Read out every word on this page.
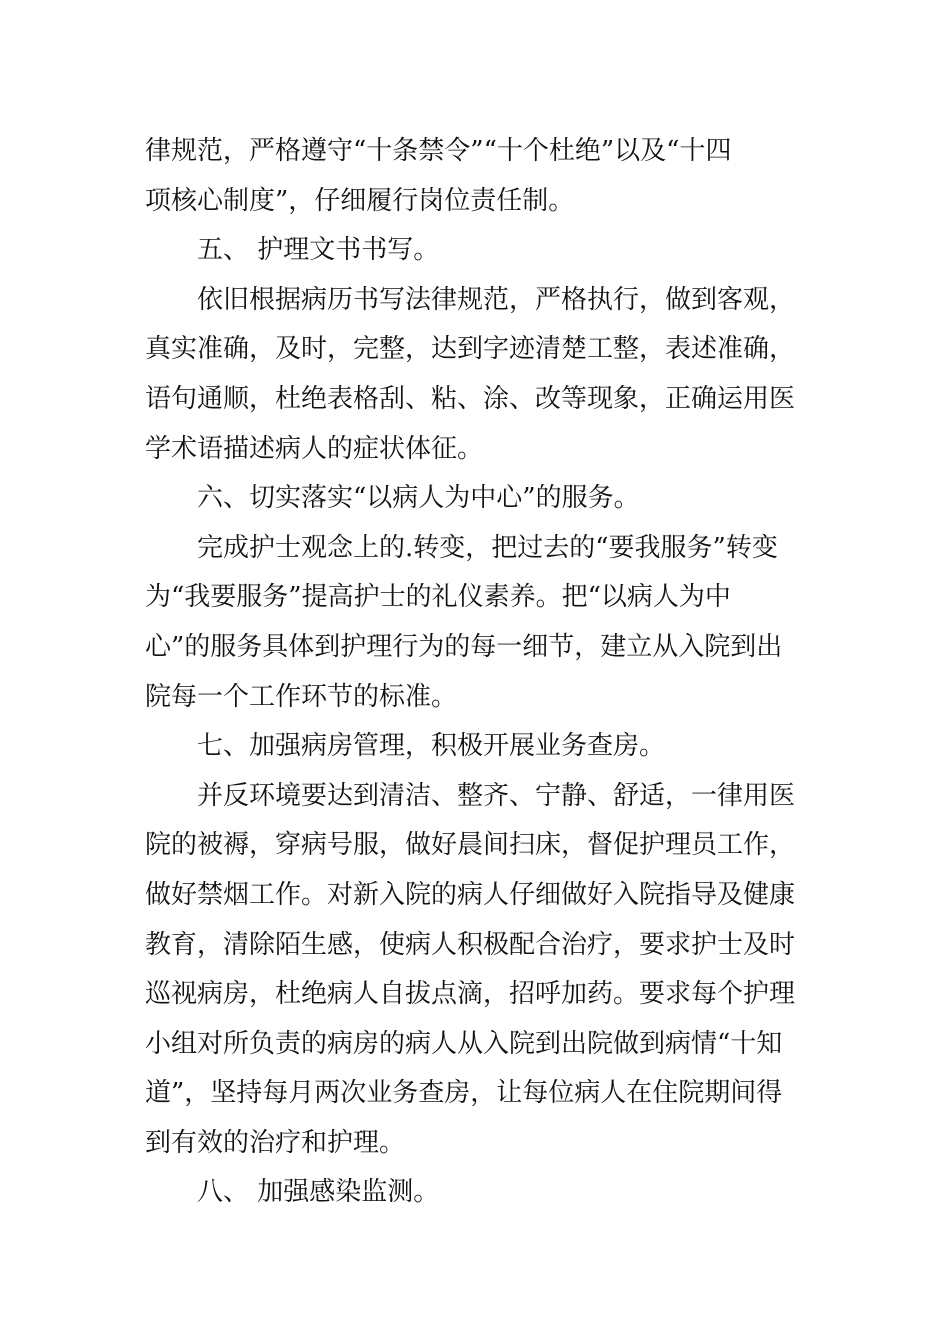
律规范，严格遵守“十条禁令”“十个杜绝”以及“十四
项核心制度”，仔细履行岗位责任制。
五、 护理文书书写。
依旧根据病历书写法律规范，严格执行，做到客观，
真实准确，及时，完整，达到字迹清楚工整，表述准确，
语句通顺，杜绝表格刮、粘、涂、改等现象，正确运用医
学术语描述病人的症状体征。
六、切实落实“以病人为中心”的服务。
完成护士观念上的.转变，把过去的“要我服务”转变
为“我要服务”提高护士的礼仪素养。把“以病人为中
心”的服务具体到护理行为的每一细节，建立从入院到出
院每一个工作环节的标准。
七、加强病房管理，积极开展业务查房。
并反环境要达到清洁、整齐、宁静、舒适，一律用医
院的被褥，穿病号服，做好晨间扫床，督促护理员工作，
做好禁烟工作。对新入院的病人仔细做好入院指导及健康
教育，清除陌生感，使病人积极配合治疗，要求护士及时
巡视病房，杜绝病人自拔点滴，招呼加药。要求每个护理
小组对所负责的病房的病人从入院到出院做到病情“十知
道”，坚持每月两次业务查房，让每位病人在住院期间得
到有效的治疗和护理。
八、 加强感染监测。
